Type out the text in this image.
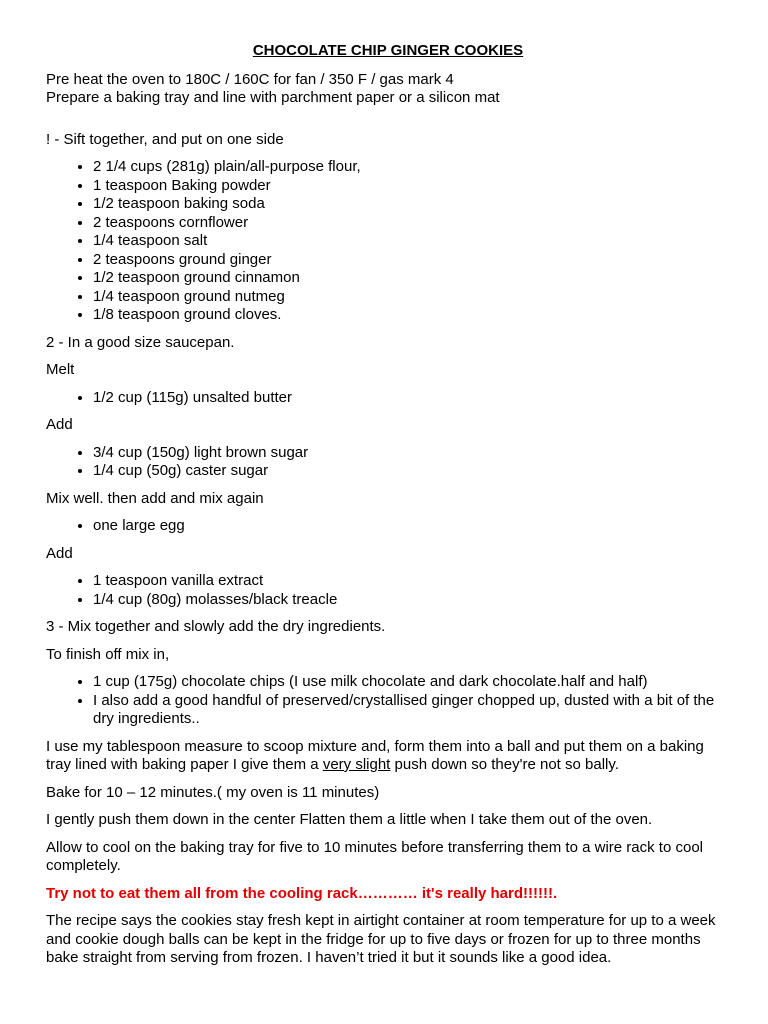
CHOCOLATE CHIP GINGER COOKIES

Pre heat the oven to 180C / 160C for fan / 350 F / gas mark 4
Prepare a baking tray and line with parchment paper or a silicon mat

! - Sift together, and put on one side

• 2 1/4 cups (281g) plain/all-purpose flour,
• 1 teaspoon Baking powder
• 1/2 teaspoon baking soda
• 2 teaspoons cornflower
• 1/4 teaspoon salt
• 2 teaspoons ground ginger
• 1/2 teaspoon ground cinnamon
• 1/4 teaspoon ground nutmeg
• 1/8 teaspoon ground cloves.

2 - In a good size saucepan.

Melt

• 1/2 cup (115g) unsalted butter

Add

• 3/4 cup (150g) light brown sugar
• 1/4 cup (50g) caster sugar

Mix well. then add and mix again

• one large egg

Add

• 1 teaspoon vanilla extract
• 1/4 cup (80g) molasses/black treacle

3 - Mix together and slowly add the dry ingredients.

To finish off mix in,

• 1 cup (175g) chocolate chips (I use milk chocolate and dark chocolate.half and half)
• I also add a good handful of preserved/crystallised ginger chopped up, dusted with a bit of the dry ingredients..

I use my tablespoon measure to scoop mixture and, form them into a ball and put them on a baking tray lined with baking paper I give them a very slight push down so they're not so bally.

Bake for 10 – 12 minutes.( my oven is 11 minutes)

I gently push them down in the center Flatten them a little when I take them out of the oven.

Allow to cool on the baking tray for five to 10 minutes before transferring them to a wire rack to cool completely.

Try not to eat them all from the cooling rack………… it's really hard!!!!!!.

The recipe says the cookies stay fresh kept in airtight container at room temperature for up to a week and cookie dough balls can be kept in the fridge for up to five days or frozen for up to three months bake straight from serving from frozen. I haven’t tried it but it sounds like a good idea.
